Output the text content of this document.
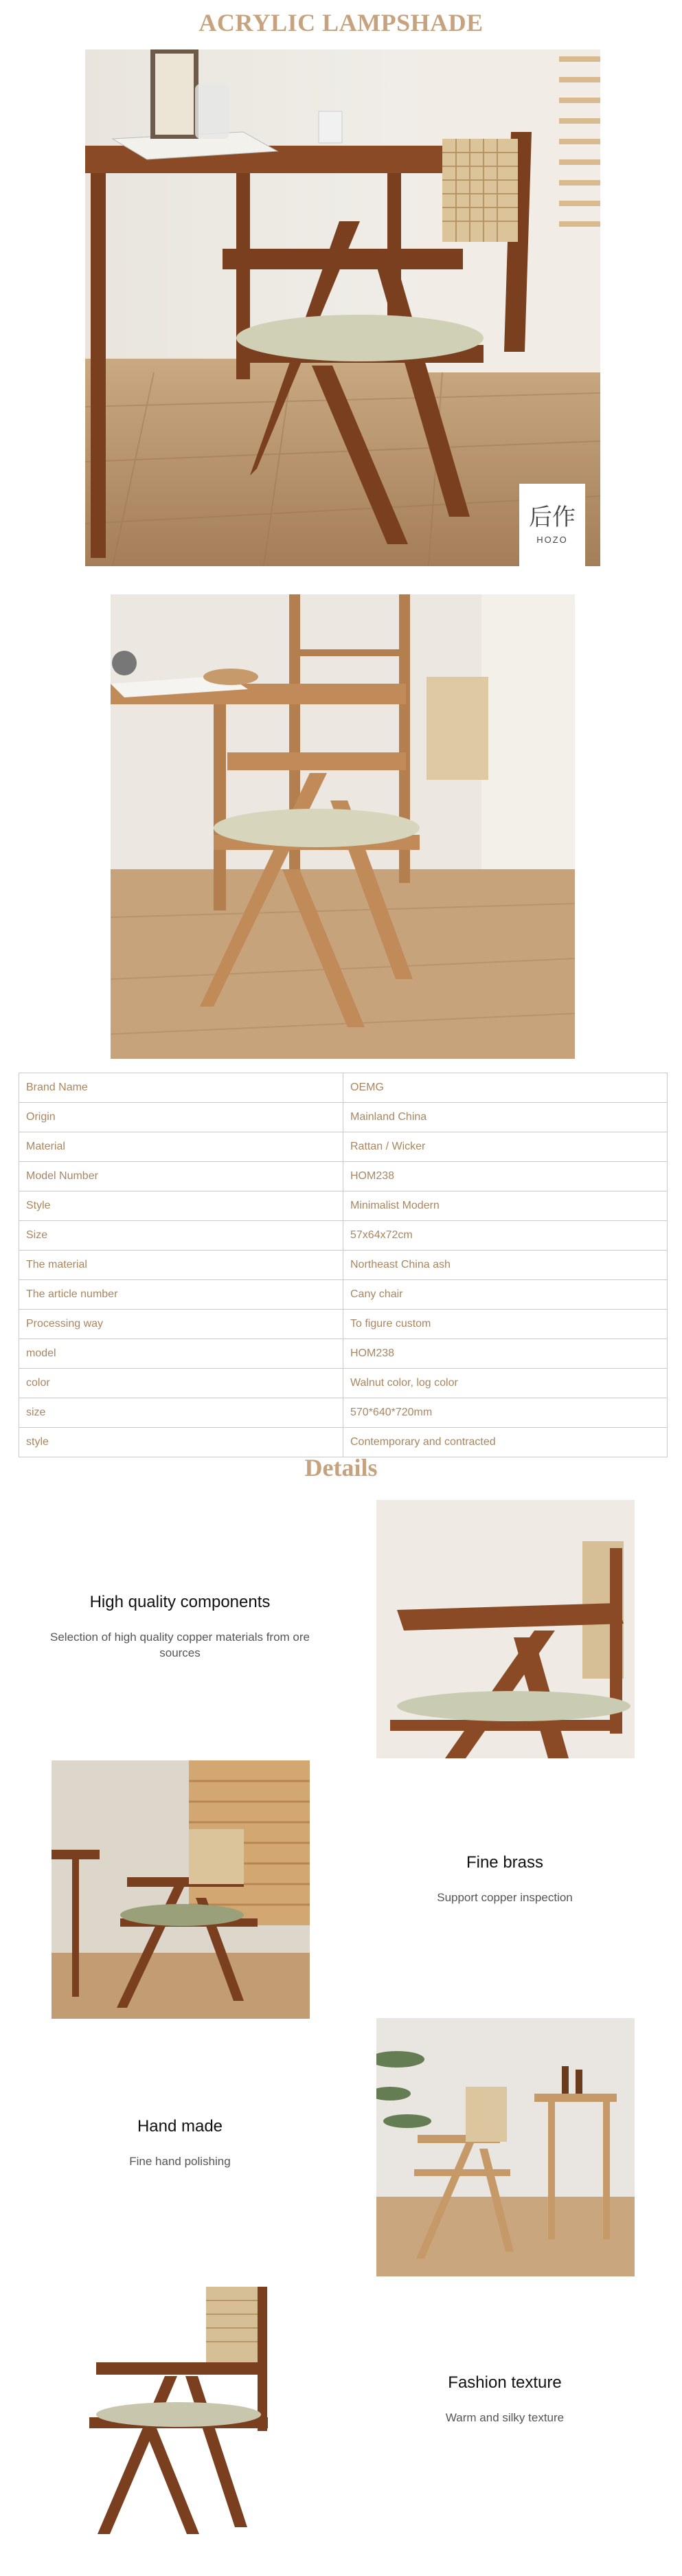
ACRYLIC LAMPSHADE
后作
HOZO
Brand Name	OEMG
Origin	Mainland China
Material	Rattan / Wicker
Model Number	HOM238
Style	Minimalist Modern
Size	57x64x72cm
The material	Northeast China ash
The article number	Cany chair
Processing way	To figure custom
model	HOM238
color	Walnut color, log color
size	570*640*720mm
style	Contemporary and contracted
Details
High quality components
Selection of high quality copper materials from ore sources
Fine brass
Support copper inspection
Hand made
Fine hand polishing
Fashion texture
Warm and silky texture
